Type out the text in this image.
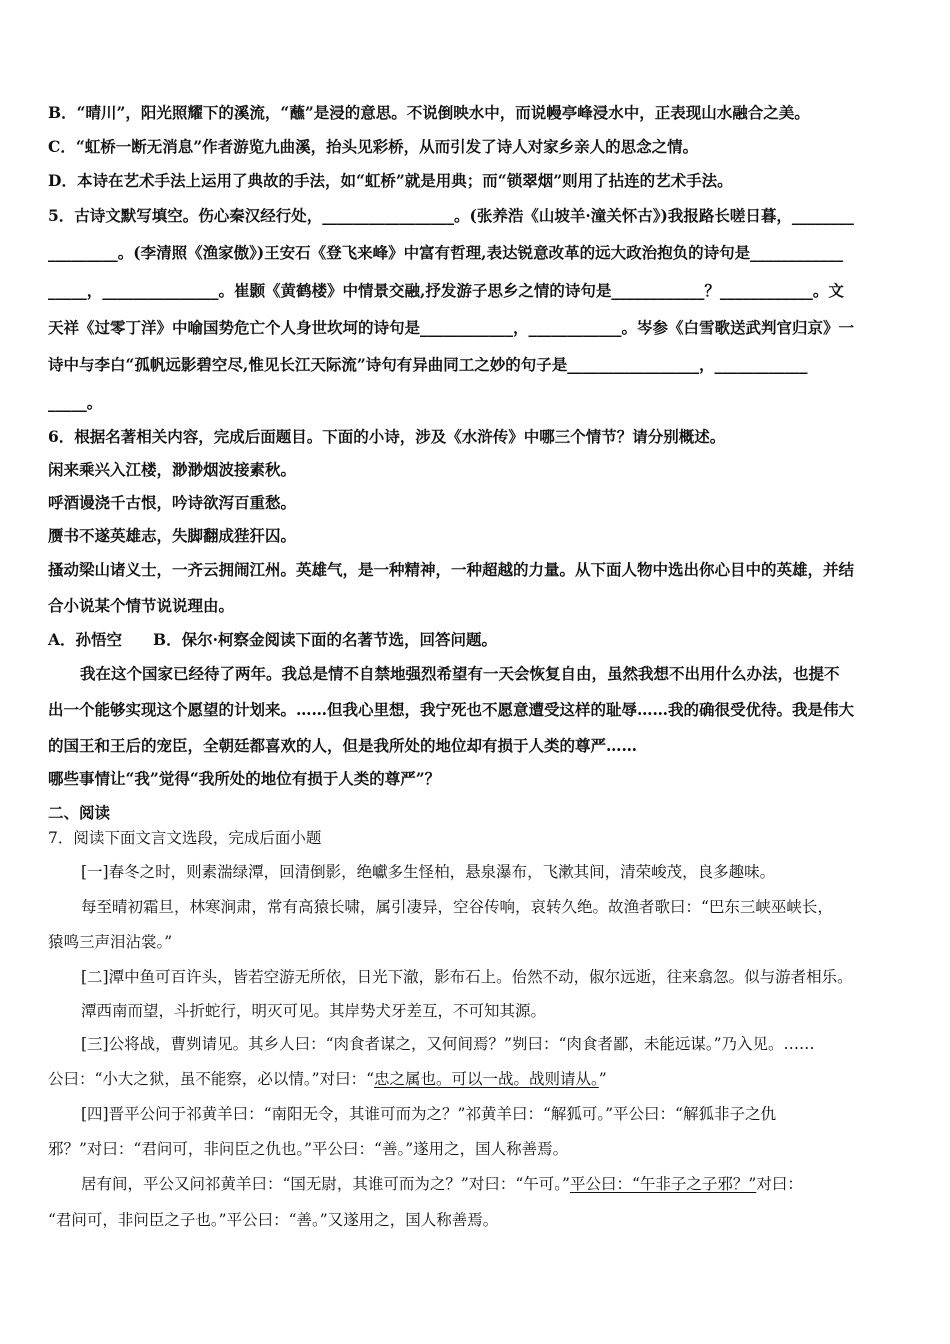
B．“晴川”，阳光照耀下的溪流，“蘸”是浸的意思。不说倒映水中，而说幔亭峰浸水中，正表现山水融合之美。
C．“虹桥一断无消息”作者游览九曲溪，抬头见彩桥，从而引发了诗人对家乡亲人的思念之情。
D．本诗在艺术手法上运用了典故的手法，如“虹桥”就是用典；而“锁翠烟”则用了拈连的艺术手法。
5．古诗文默写填空。伤心秦汉经行处，_________________。(张养浩《山坡羊·潼关怀古》)我报路长嗟日暮，________
_________。(李清照《渔家傲》)王安石《登飞来峰》中富有哲理,表达锐意改革的远大政治抱负的诗句是____________
_____，_______________。崔颢《黄鹤楼》中情景交融,抒发游子思乡之情的诗句是____________？____________。文
天祥《过零丁洋》中喻国势危亡个人身世坎坷的诗句是____________，____________。岑参《白雪歌送武判官归京》一
诗中与李白“孤帆远影碧空尽,惟见长江天际流”诗句有异曲同工之妙的句子是_________________，____________
_____。
6．根据名著相关内容，完成后面题目。下面的小诗，涉及《水浒传》中哪三个情节？请分别概述。
闲来乘兴入江楼，渺渺烟波接素秋。
呼酒谩浇千古恨，吟诗欲泻百重愁。
赝书不遂英雄志，失脚翻成狴犴囚。
搔动梁山诸义士，一齐云拥闹江州。英雄气，是一种精神，一种超越的力量。从下面人物中选出你心目中的英雄，并结
合小说某个情节说说理由。
A．孙悟空　　B．保尔·柯察金阅读下面的名著节选，回答问题。
我在这个国家已经待了两年。我总是情不自禁地强烈希望有一天会恢复自由，虽然我想不出用什么办法，也提不
出一个能够实现这个愿望的计划来。……但我心里想，我宁死也不愿意遭受这样的耻辱……我的确很受优待。我是伟大
的国王和王后的宠臣，全朝廷都喜欢的人，但是我所处的地位却有损于人类的尊严……
哪些事情让“我”觉得“我所处的地位有损于人类的尊严”？
二、阅读
7．阅读下面文言文选段，完成后面小题
[一]春冬之时，则素湍绿潭，回清倒影，绝巘多生怪柏，悬泉瀑布，飞漱其间，清荣峻茂，良多趣味。
每至晴初霜旦，林寒涧肃，常有高猿长啸，属引凄异，空谷传响，哀转久绝。故渔者歌曰：“巴东三峡巫峡长，
猿鸣三声泪沾裳。”
[二]潭中鱼可百许头，皆若空游无所依，日光下澈，影布石上。佁然不动，俶尔远逝，往来翕忽。似与游者相乐。
潭西南而望，斗折蛇行，明灭可见。其岸势犬牙差互，不可知其源。
[三]公将战，曹刿请见。其乡人曰：“肉食者谋之，又何间焉？”刿曰：“肉食者鄙，未能远谋。”乃入见。……
公曰：“小大之狱，虽不能察，必以情。”对曰：“忠之属也。可以一战。战则请从。”
[四]晋平公问于祁黄羊曰：“南阳无令，其谁可而为之？”祁黄羊曰：“解狐可。”平公曰：“解狐非子之仇
邪？”对曰：“君问可，非问臣之仇也。”平公曰：“善。”遂用之，国人称善焉。
居有间，平公又问祁黄羊曰：“国无尉，其谁可而为之？”对曰：“午可。”平公曰：“午非子之子邪？”对曰：
“君问可，非问臣之子也。”平公曰：“善。”又遂用之，国人称善焉。
